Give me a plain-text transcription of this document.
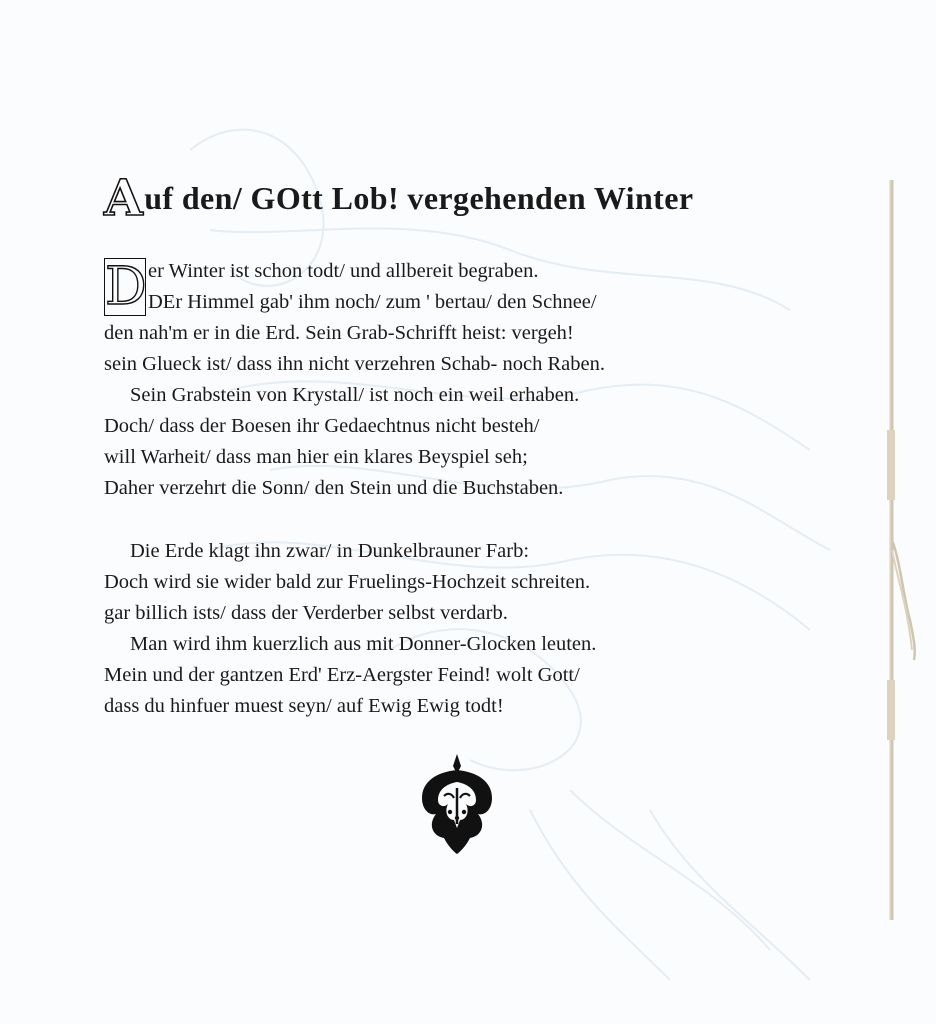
Auf den/ GOtt Lob! vergehenden Winter
D er Winter ist schon todt/ und allbereit begraben.
DEr Himmel gab' ihm noch/ zum ' bertau/ den Schnee/
den nah'm er in die Erd. Sein Grab-Schrifft heist: vergeh!
sein Glueck ist/ dass ihn nicht verzehren Schab- noch Raben.
Sein Grabstein von Krystall/ ist noch ein weil erhaben.
Doch/ dass der Boesen ihr Gedaechtnus nicht besteh/
will Warheit/ dass man hier ein klares Beyspiel seh;
Daher verzehrt die Sonn/ den Stein und die Buchstaben.
Die Erde klagt ihn zwar/ in Dunkelbrauner Farb:
Doch wird sie wider bald zur Fruelings-Hochzeit schreiten.
gar billich ists/ dass der Verderber selbst verdarb.
Man wird ihm kuerzlich aus mit Donner-Glocken leuten.
Mein und der gantzen Erd' Erz-Aergster Feind! wolt Gott/
dass du hinfuer muest seyn/ auf Ewig Ewig todt!
